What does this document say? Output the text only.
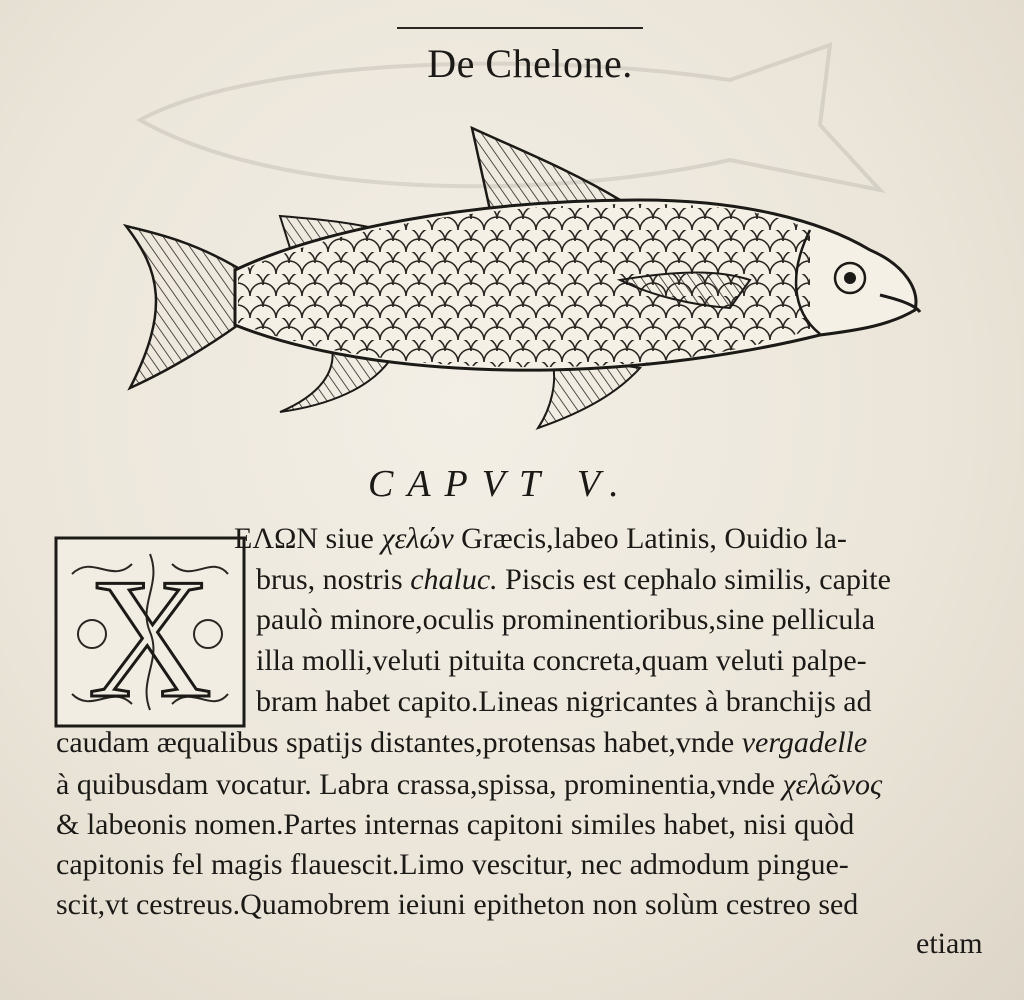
De Chelone.
CAPVT V.
X
ΕΛΩΝ siue χελών Græcis,labeo Latinis, Ouidio la-
brus, nostris chaluc. Piscis est cephalo similis, capite
paulò minore,oculis prominentioribus,sine pellicula
illa molli,veluti pituita concreta,quam veluti palpe-
bram habet capito.Lineas nigricantes à branchijs ad
caudam æqualibus spatijs distantes,protensas habet,vnde vergadelle
à quibusdam vocatur. Labra crassa,spissa, prominentia,vnde χελῶνος
& labeonis nomen.Partes internas capitoni similes habet, nisi quòd
capitonis fel magis flauescit.Limo vescitur, nec admodum pingue-
scit,vt cestreus.Quamobrem ieiuni epitheton non solùm cestreo sed
etiam
